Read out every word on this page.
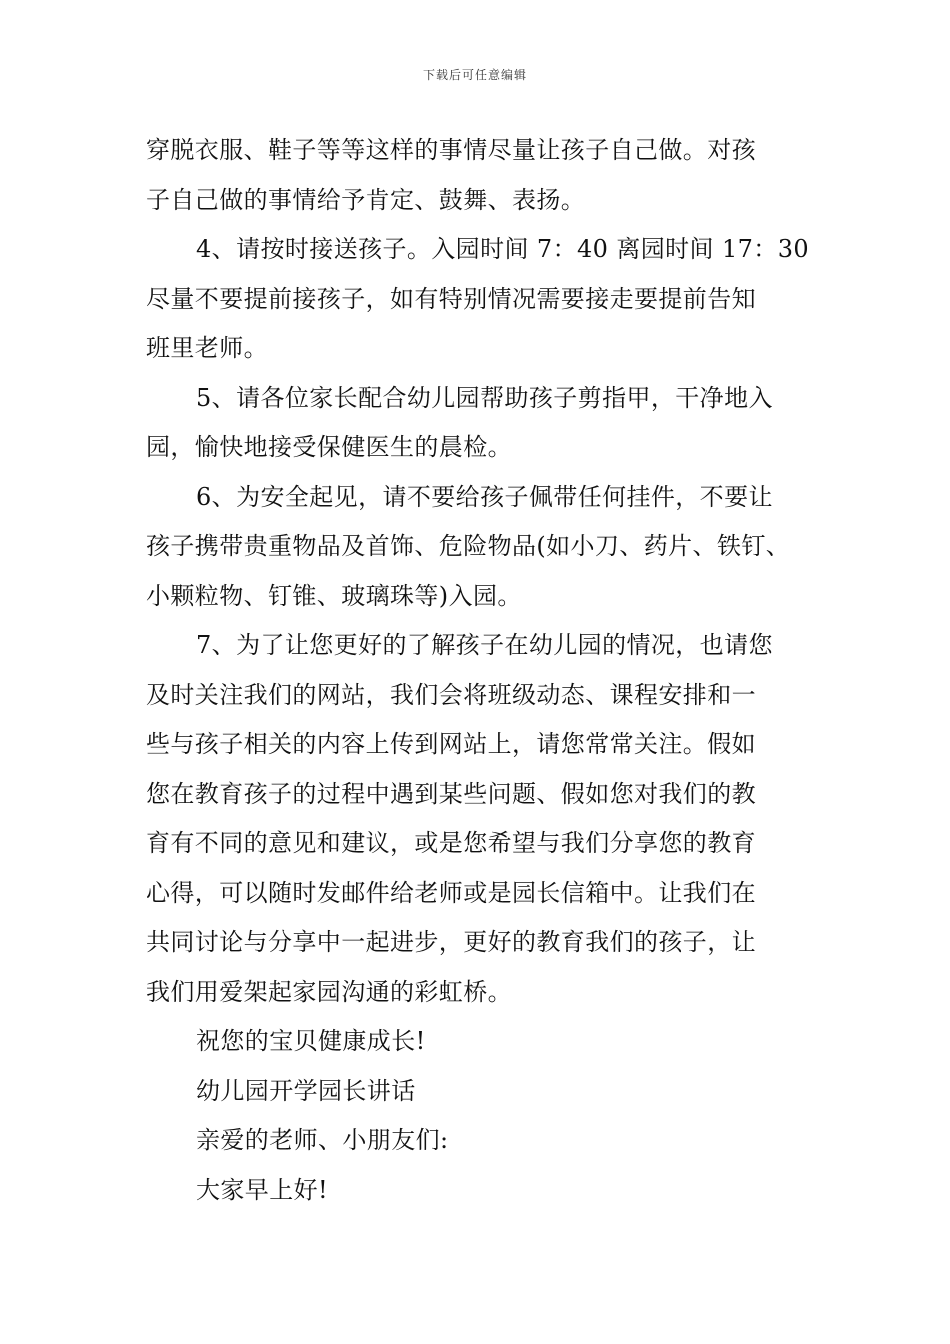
下载后可任意编辑

穿脱衣服、鞋子等等这样的事情尽量让孩子自己做。对孩

子自己做的事情给予肯定、鼓舞、表扬。

4、请按时接送孩子。入园时间 7：40 离园时间 17：30

尽量不要提前接孩子，如有特别情况需要接走要提前告知

班里老师。

5、请各位家长配合幼儿园帮助孩子剪指甲，干净地入

园，愉快地接受保健医生的晨检。

6、为安全起见，请不要给孩子佩带任何挂件，不要让

孩子携带贵重物品及首饰、危险物品(如小刀、药片、铁钉、

小颗粒物、钉锥、玻璃珠等)入园。

7、为了让您更好的了解孩子在幼儿园的情况，也请您

及时关注我们的网站，我们会将班级动态、课程安排和一

些与孩子相关的内容上传到网站上，请您常常关注。假如

您在教育孩子的过程中遇到某些问题、假如您对我们的教

育有不同的意见和建议，或是您希望与我们分享您的教育

心得，可以随时发邮件给老师或是园长信箱中。让我们在

共同讨论与分享中一起进步，更好的教育我们的孩子，让

我们用爱架起家园沟通的彩虹桥。

祝您的宝贝健康成长!

幼儿园开学园长讲话

亲爱的老师、小朋友们:

大家早上好!
